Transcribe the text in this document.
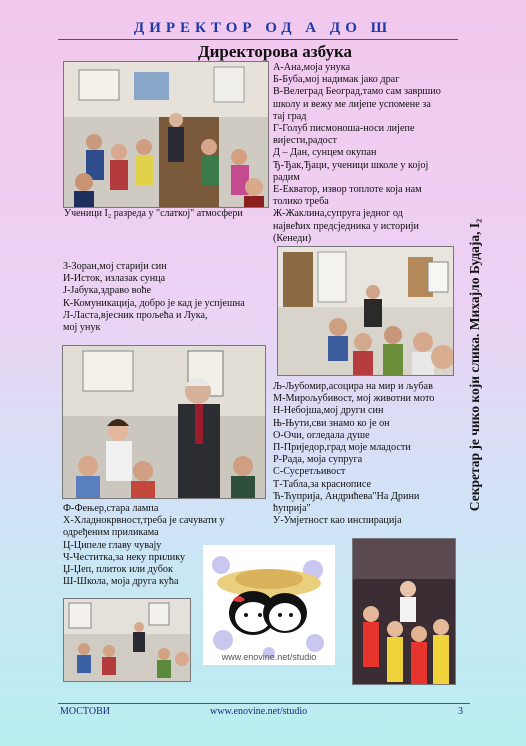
ДИРЕКТОР ОД А ДО Ш
Директорова азбука
Ученици I₂ разреда у "слаткој" атмосфери
А-Ана,моја унука
Б-Буба,мој надимак јако драг
В-Велеград Београд,тамо сам завршио
школу и вежу ме лијепе успомене за
тај град
Г-Голуб писмоноша-носи лијепе
вијести,радост
Д – Дан, сунцем окупан
Ђ-Ђак,Ђаци, ученици школе у којој
радим
Е-Екватор, извор топлоте која нам
толико треба
Ж-Жаклина,супруга једног од
највећих предсједника у историји
(Кенеди)
З-Зоран,мој старији син
И-Исток, излазак сунца
Ј-Јабука,здраво воће
К-Комуникација, добро је кад је успјешна
Л-Ласта,вјесник прољећа и Лука,
мој унук
Љ-Љубомир,асоцира на мир и љубав
М-Мирољубивост, мој животни мото
Н-Небојша,мој други син
Њ-Њути,сви знамо ко је он
О-Очи, огледала душе
П-Приједор,град моје младости
Р-Рада, моја супруга
С-Сусретљивост
Т-Табла,за краснописе
Ћ-Ћуприја, Андрићева"На Дрини
ћуприја"
У-Умјетност као инспирација
Ф-Фењер,стара лампа
Х-Хладнокрвност,треба је сачувати у
одређеним приликама
Ц-Ципеле главу чувају
Ч-Честитка,за неку прилику
Џ-Џеп, плиток или дубок
Ш-Школа, моја друга кућа
Секретар је чико који слика. Михајло Будаја, I₂
www.enovine.net/studio
МОСТОВИ	www.enovine.net/studio	3
